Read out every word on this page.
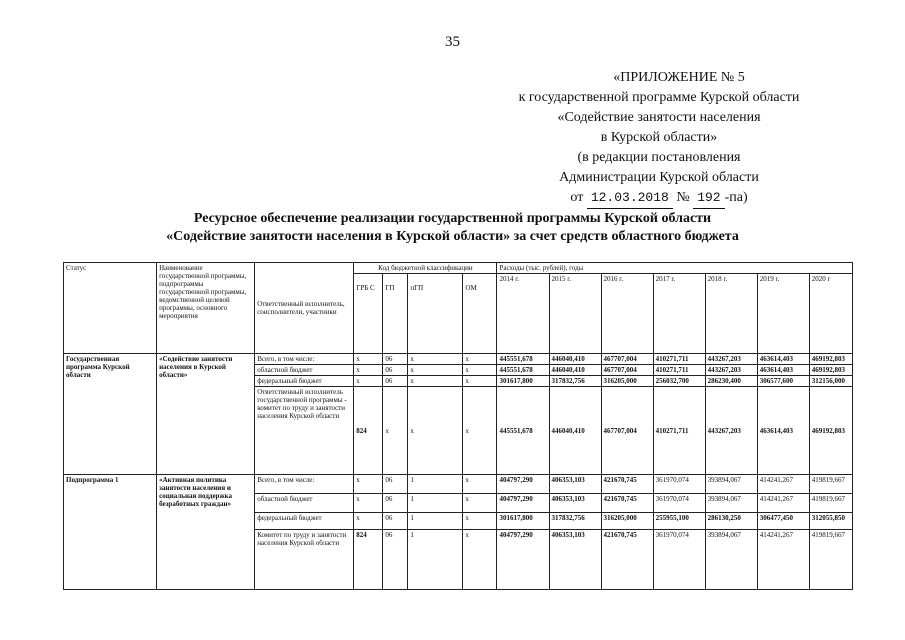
35
«ПРИЛОЖЕНИЕ № 5
к государственной программе Курской области
«Содействие занятости населения
в Курской области»
(в редакции постановления
Администрации Курской области
от 12.03.2018 № 192 -па)
Ресурсное обеспечение реализации государственной программы Курской области
«Содействие занятости населения в Курской области» за счет средств областного бюджета
Статус	Наименование государственной программы, подпрограммы государственной программы, ведомственной целевой программы, основного мероприятия	Ответственный исполнитель, соисполнители, участники	Код бюджетной классификации				Расходы (тыс. рублей), годы						
			ГРБ С	ГП	пГП	ОМ	2014 г.	2015 г.	2016 г.	2017 г.	2018 г.	2019 г.	2020 г
Государственная программа Курской области	«Содействие занятости населения в Курской области»	Всего, в том числе:	x	06	x	x	445551,678	446040,410	467707,004	410271,711	443267,203	463614,403	469192,803
		областной бюджет	x	06	x	x	445551,678	446040,410	467707,004	410271,711	443267,203	463614,403	469192,803
		федеральный бюджет	x	06	x	x	301617,800	317832,756	316205,000	256032,700	286230,400	306577,600	312156,000
		Ответственный исполнитель государственной программы - комитет по труду и занятости населения Курской области	824	x	x	x	445551,678	446040,410	467707,004	410271,711	443267,203	463614,403	469192,803
Подпрограмма 1	«Активная политика занятости населения и социальная поддержка безработных граждан»	Всего, в том числе:	x	06	1	x	404797,290	406353,103	421670,745	361970,074	393894,067	414241,267	419819,667
		областной бюджет	x	06	1	x	404797,290	406353,103	421670,745	361970,074	393894,067	414241,267	419819,667
		федеральный бюджет	x	06	1	x	301617,800	317832,756	316205,000	255955,100	286130,250	306477,450	312055,850
		Комитет по труду и занятости населения Курской области	824	06	1	x	404797,290	406353,103	421670,745	361970,074	393894,067	414241,267	419819,667
